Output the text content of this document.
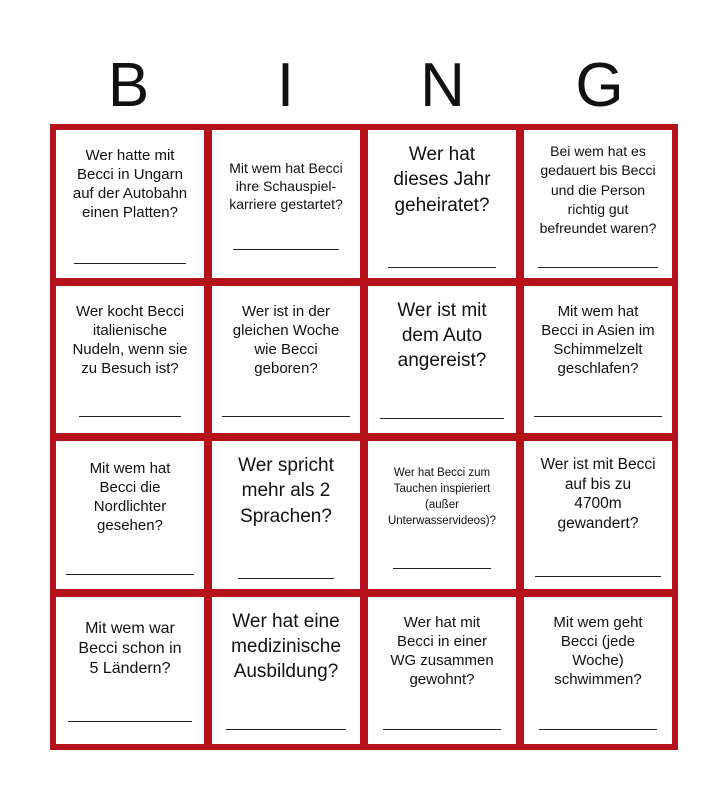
B	I	N	G
Wer hatte mit
Becci in Ungarn
auf der Autobahn
einen Platten?
Mit wem hat Becci
ihre Schauspiel-
karriere gestartet?
Wer hat
dieses Jahr
geheiratet?
Bei wem hat es
gedauert bis Becci
und die Person
richtig gut
befreundet waren?
Wer kocht Becci
italienische
Nudeln, wenn sie
zu Besuch ist?
Wer ist in der
gleichen Woche
wie Becci
geboren?
Wer ist mit
dem Auto
angereist?
Mit wem hat
Becci in Asien im
Schimmelzelt
geschlafen?
Mit wem hat
Becci die
Nordlichter
gesehen?
Wer spricht
mehr als 2
Sprachen?
Wer hat Becci zum
Tauchen inspieriert
(außer
Unterwasservideos)?
Wer ist mit Becci
auf bis zu
4700m
gewandert?
Mit wem war
Becci schon in
5 Ländern?
Wer hat eine
medizinische
Ausbildung?
Wer hat mit
Becci in einer
WG zusammen
gewohnt?
Mit wem geht
Becci (jede
Woche)
schwimmen?
